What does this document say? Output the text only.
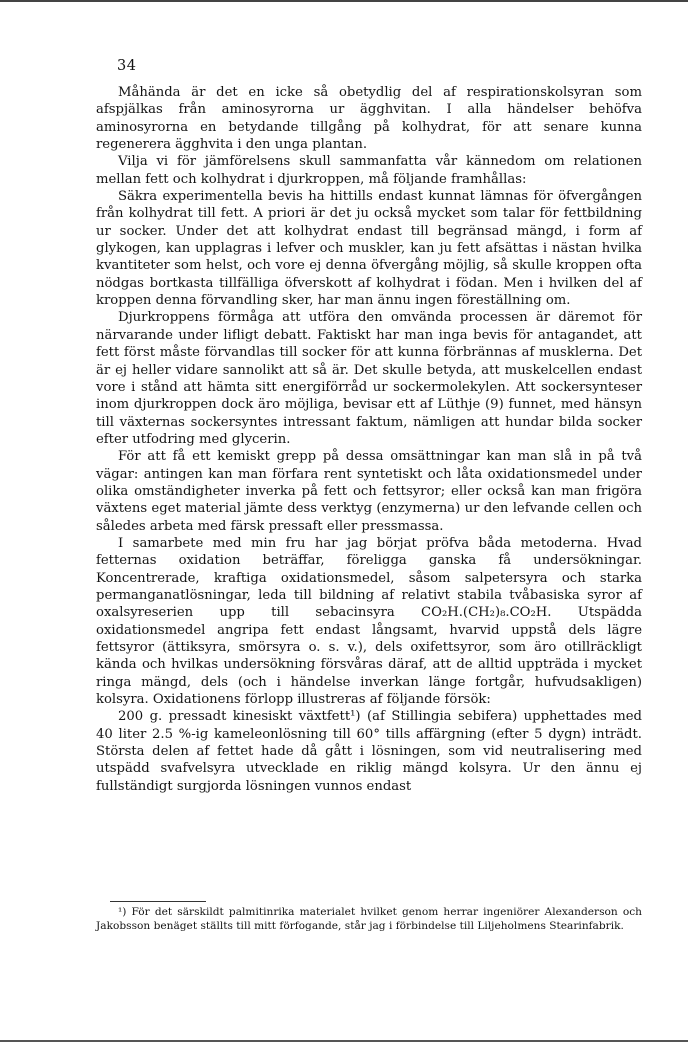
34

Måhända är det en icke så obetydlig del af respirationskolsyran som afspjälkas från aminosyrorna ur ägghvitan. I alla händelser behöfva aminosyrorna en betydande tillgång på kolhydrat, för att senare kunna regenerera ägghvita i den unga plantan.

Vilja vi för jämförelsens skull sammanfatta vår kännedom om relationen mellan fett och kolhydrat i djurkroppen, må följande framhållas:

Säkra experimentella bevis ha hittills endast kunnat lämnas för öfvergången från kolhydrat till fett. A priori är det ju också mycket som talar för fettbildning ur socker. Under det att kolhydrat endast till begränsad mängd, i form af glykogen, kan upplagras i lefver och muskler, kan ju fett afsättas i nästan hvilka kvantiteter som helst, och vore ej denna öfvergång möjlig, så skulle kroppen ofta nödgas bortkasta tillfälliga öfverskott af kolhydrat i födan. Men i hvilken del af kroppen denna förvandling sker, har man ännu ingen föreställning om.

Djurkroppens förmåga att utföra den omvända processen är däremot för närvarande under lifligt debatt. Faktiskt har man inga bevis för antagandet, att fett först måste förvandlas till socker för att kunna förbrännas af musklerna. Det är ej heller vidare sannolikt att så är. Det skulle betyda, att muskelcellen endast vore i stånd att hämta sitt energiförråd ur sockermolekylen. Att sockersynteser inom djurkroppen dock äro möjliga, bevisar ett af Lüthje (9) funnet, med hänsyn till växternas sockersyntes intressant faktum, nämligen att hundar bilda socker efter utfodring med glycerin.

För att få ett kemiskt grepp på dessa omsättningar kan man slå in på två vägar: antingen kan man förfara rent syntetiskt och låta oxidationsmedel under olika omständigheter inverka på fett och fettsyror; eller också kan man frigöra växtens eget material jämte dess verktyg (enzymerna) ur den lefvande cellen och således arbeta med färsk pressaft eller pressmassa.

I samarbete med min fru har jag börjat pröfva båda metoderna. Hvad fetternas oxidation beträffar, föreligga ganska få undersökningar. Koncentrerade, kraftiga oxidationsmedel, såsom salpetersyra och starka permanganatlösningar, leda till bildning af relativt stabila tvåbasiska syror af oxalsyreserien upp till sebacinsyra CO₂H.(CH₂)₈.CO₂H. Utspädda oxidationsmedel angripa fett endast långsamt, hvarvid uppstå dels lägre fettsyror (ättiksyra, smörsyra o. s. v.), dels oxifettsyror, som äro otillräckligt kända och hvilkas undersökning försvåras däraf, att de alltid uppträda i mycket ringa mängd, dels (och i händelse inverkan länge fortgår, hufvudsakligen) kolsyra. Oxidationens förlopp illustreras af följande försök:

200 g. pressadt kinesiskt växtfett¹) (af Stillingia sebifera) upphettades med 40 liter 2.5 %-ig kameleonlösning till 60° tills affärgning (efter 5 dygn) inträdt. Största delen af fettet hade då gått i lösningen, som vid neutralisering med utspädd svafvelsyra utvecklade en riklig mängd kolsyra. Ur den ännu ej fullständigt surgjorda lösningen vunnos endast

¹) För det särskildt palmitinrika materialet hvilket genom herrar ingeniörer Alexanderson och Jakobsson benäget ställts till mitt förfogande, står jag i förbindelse till Liljeholmens Stearinfabrik.
